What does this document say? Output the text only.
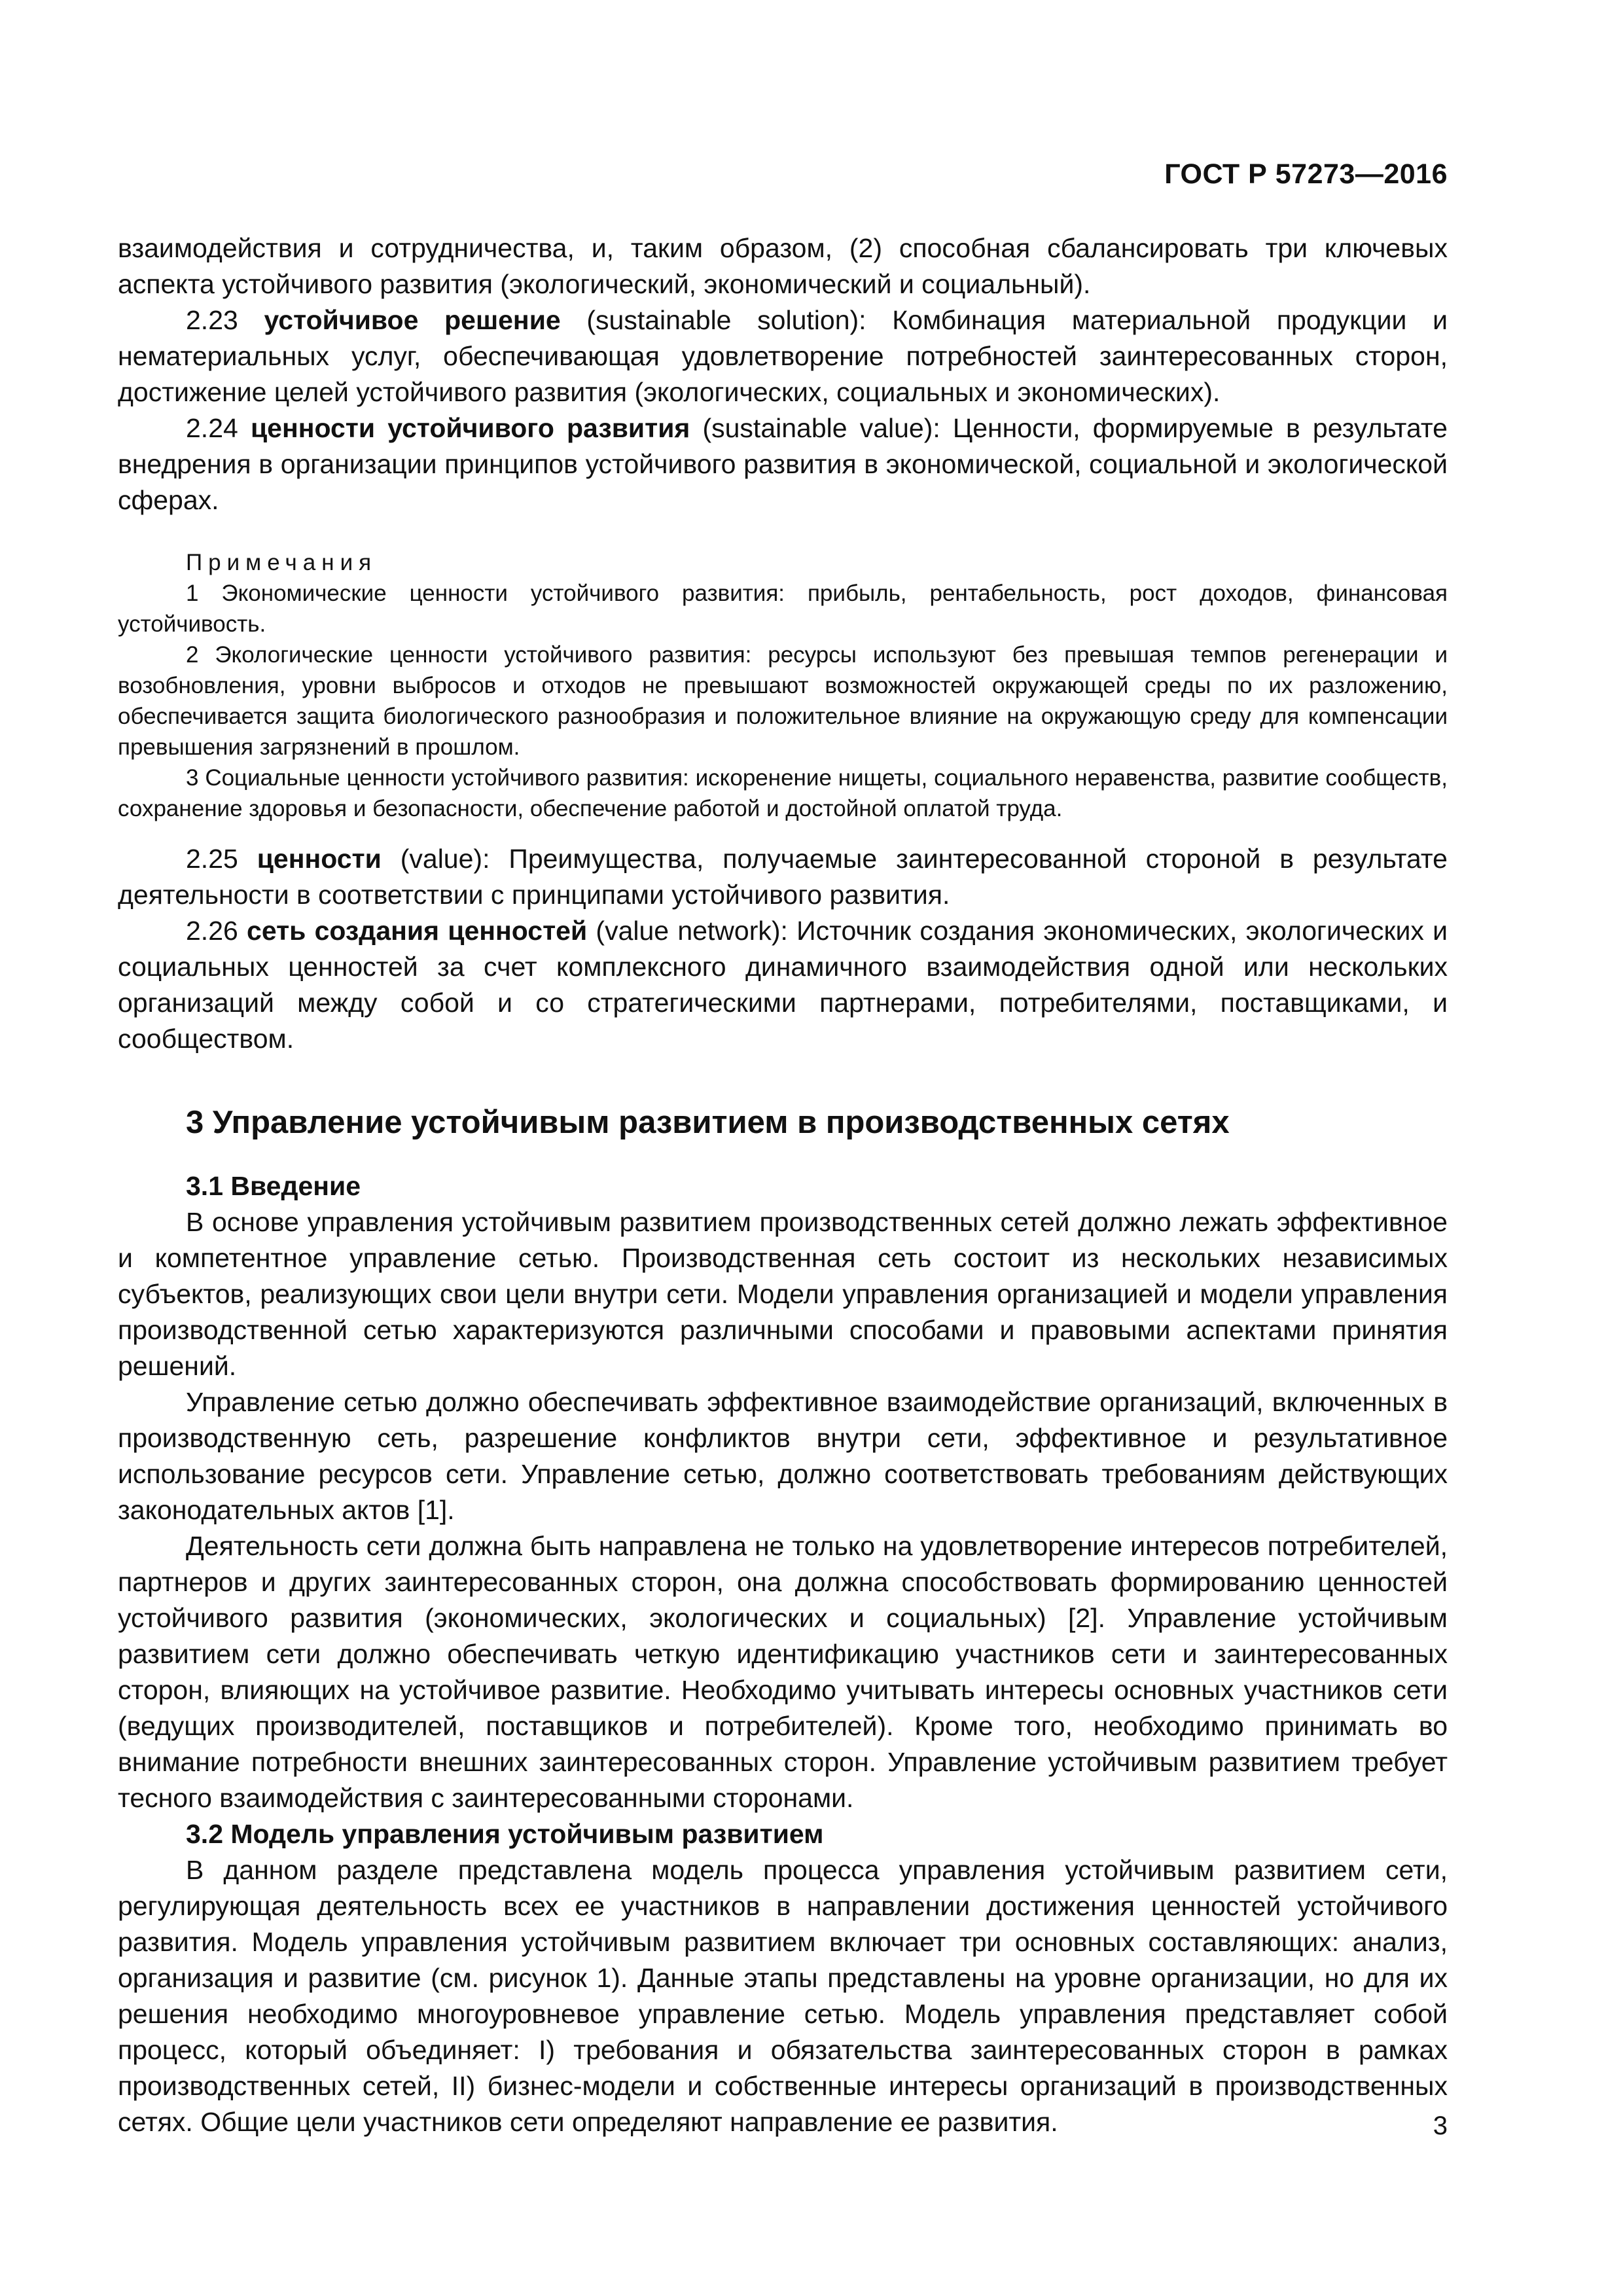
ГОСТ Р 57273—2016

взаимодействия и сотрудничества, и, таким образом, (2) способная сбалансировать три ключевых аспекта устойчивого развития (экологический, экономический и социальный).

2.23 устойчивое решение (sustainable solution): Комбинация материальной продукции и нематериальных услуг, обеспечивающая удовлетворение потребностей заинтересованных сторон, достижение целей устойчивого развития (экологических, социальных и экономических).

2.24 ценности устойчивого развития (sustainable value): Ценности, формируемые в результате внедрения в организации принципов устойчивого развития в экономической, социальной и экологической сферах.

Примечания

1 Экономические ценности устойчивого развития: прибыль, рентабельность, рост доходов, финансовая устойчивость.

2 Экологические ценности устойчивого развития: ресурсы используют без превышая темпов регенерации и возобновления, уровни выбросов и отходов не превышают возможностей окружающей среды по их разложению, обеспечивается защита биологического разнообразия и положительное влияние на окружающую среду для компенсации превышения загрязнений в прошлом.

3 Социальные ценности устойчивого развития: искоренение нищеты, социального неравенства, развитие сообществ, сохранение здоровья и безопасности, обеспечение работой и достойной оплатой труда.

2.25 ценности (value): Преимущества, получаемые заинтересованной стороной в результате деятельности в соответствии с принципами устойчивого развития.

2.26 сеть создания ценностей (value network): Источник создания экономических, экологических и социальных ценностей за счет комплексного динамичного взаимодействия одной или нескольких организаций между собой и со стратегическими партнерами, потребителями, поставщиками, и сообществом.

3 Управление устойчивым развитием в производственных сетях
3.1 Введение

В основе управления устойчивым развитием производственных сетей должно лежать эффективное и компетентное управление сетью. Производственная сеть состоит из нескольких независимых субъектов, реализующих свои цели внутри сети. Модели управления организацией и модели управления производственной сетью характеризуются различными способами и правовыми аспектами принятия решений.

Управление сетью должно обеспечивать эффективное взаимодействие организаций, включенных в производственную сеть, разрешение конфликтов внутри сети, эффективное и результативное использование ресурсов сети. Управление сетью, должно соответствовать требованиям действующих законодательных актов [1].

Деятельность сети должна быть направлена не только на удовлетворение интересов потребителей, партнеров и других заинтересованных сторон, она должна способствовать формированию ценностей устойчивого развития (экономических, экологических и социальных) [2]. Управление устойчивым развитием сети должно обеспечивать четкую идентификацию участников сети и заинтересованных сторон, влияющих на устойчивое развитие. Необходимо учитывать интересы основных участников сети (ведущих производителей, поставщиков и потребителей). Кроме того, необходимо принимать во внимание потребности внешних заинтересованных сторон. Управление устойчивым развитием требует тесного взаимодействия с заинтересованными сторонами.

3.2 Модель управления устойчивым развитием

В данном разделе представлена модель процесса управления устойчивым развитием сети, регулирующая деятельность всех ее участников в направлении достижения ценностей устойчивого развития. Модель управления устойчивым развитием включает три основных составляющих: анализ, организация и развитие (см. рисунок 1). Данные этапы представлены на уровне организации, но для их решения необходимо многоуровневое управление сетью. Модель управления представляет собой процесс, который объединяет: I) требования и обязательства заинтересованных сторон в рамках производственных сетей, II) бизнес-модели и собственные интересы организаций в производственных сетях. Общие цели участников сети определяют направление ее развития.	3
